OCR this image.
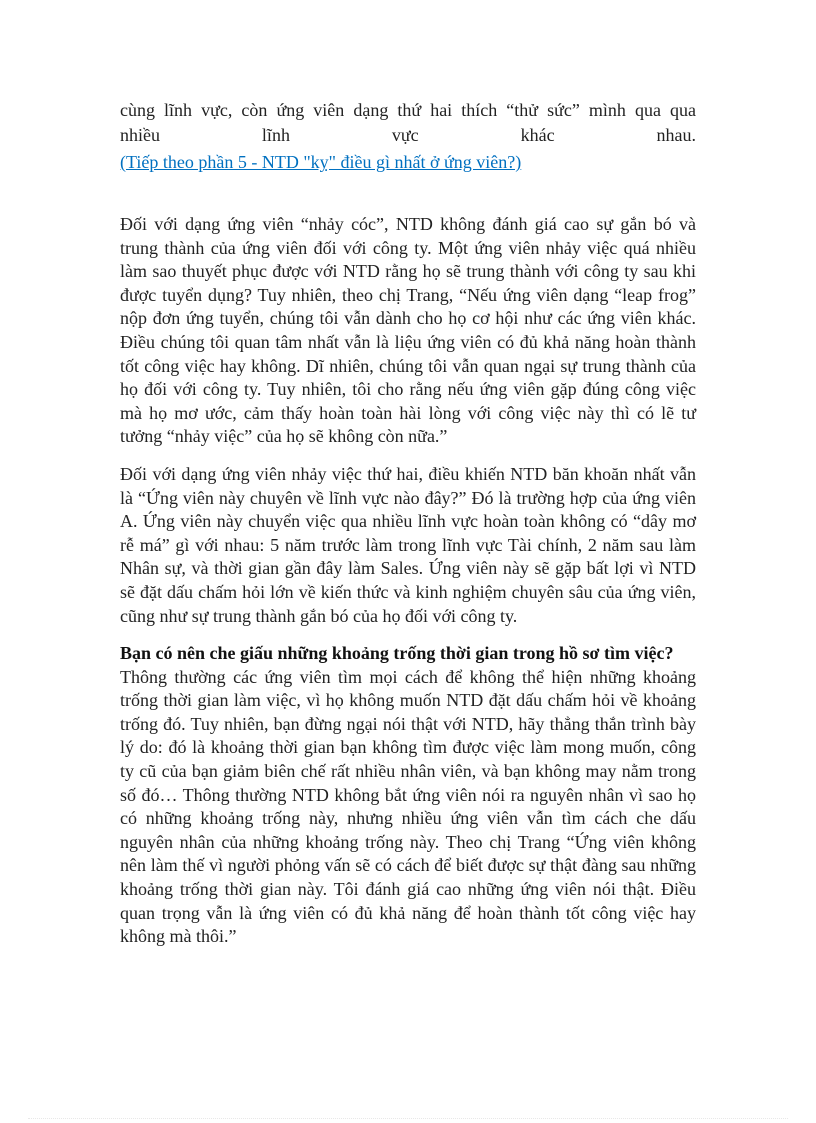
cùng lĩnh vực, còn ứng viên dạng thứ hai thích “thử sức” mình qua qua
nhiều lĩnh vực khác nhau.
(Tiếp theo phần 5 - NTD "kỵ" điều gì nhất ở ứng viên?)

Đối với dạng ứng viên “nhảy cóc”, NTD không đánh giá cao sự gắn bó và trung thành của ứng viên đối với công ty. Một ứng viên nhảy việc quá nhiều làm sao thuyết phục được với NTD rằng họ sẽ trung thành với công ty sau khi được tuyển dụng? Tuy nhiên, theo chị Trang, “Nếu ứng viên dạng “leap frog” nộp đơn ứng tuyển, chúng tôi vẫn dành cho họ cơ hội như các ứng viên khác. Điều chúng tôi quan tâm nhất vẫn là liệu ứng viên có đủ khả năng hoàn thành tốt công việc hay không. Dĩ nhiên, chúng tôi vẫn quan ngại sự trung thành của họ đối với công ty. Tuy nhiên, tôi cho rằng nếu ứng viên gặp đúng công việc mà họ mơ ước, cảm thấy hoàn toàn hài lòng với công việc này thì có lẽ tư tưởng “nhảy việc” của họ sẽ không còn nữa.”

Đối với dạng ứng viên nhảy việc thứ hai, điều khiến NTD băn khoăn nhất vẫn là “Ứng viên này chuyên về lĩnh vực nào đây?” Đó là trường hợp của ứng viên A. Ứng viên này chuyển việc qua nhiều lĩnh vực hoàn toàn không có “dây mơ rễ má” gì với nhau: 5 năm trước làm trong lĩnh vực Tài chính, 2 năm sau làm Nhân sự, và thời gian gần đây làm Sales. Ứng viên này sẽ gặp bất lợi vì NTD sẽ đặt dấu chấm hỏi lớn về kiến thức và kinh nghiệm chuyên sâu của ứng viên, cũng như sự trung thành gắn bó của họ đối với công ty.

Bạn có nên che giấu những khoảng trống thời gian trong hồ sơ tìm việc?
Thông thường các ứng viên tìm mọi cách để không thể hiện những khoảng trống thời gian làm việc, vì họ không muốn NTD đặt dấu chấm hỏi về khoảng trống đó. Tuy nhiên, bạn đừng ngại nói thật với NTD, hãy thẳng thắn trình bày lý do: đó là khoảng thời gian bạn không tìm được việc làm mong muốn, công ty cũ của bạn giảm biên chế rất nhiều nhân viên, và bạn không may nằm trong số đó… Thông thường NTD không bắt ứng viên nói ra nguyên nhân vì sao họ có những khoảng trống này, nhưng nhiều ứng viên vẫn tìm cách che dấu nguyên nhân của những khoảng trống này. Theo chị Trang “Ứng viên không nên làm thế vì người phỏng vấn sẽ có cách để biết được sự thật đàng sau những khoảng trống thời gian này. Tôi đánh giá cao những ứng viên nói thật. Điều quan trọng vẫn là ứng viên có đủ khả năng để hoàn thành tốt công việc hay không mà thôi.”
